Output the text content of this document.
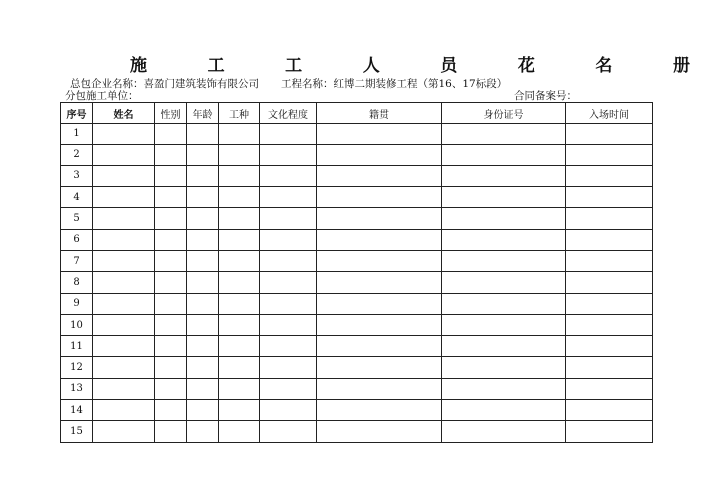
施	工	工	人	员	花	名	册
总包企业名称：喜盈门建筑装饰有限公司 工程名称：红博二期装修工程（第16、17标段）
分包施工单位：	合同备案号：
序号	姓名	性别	年龄	工种	文化程度	籍贯	身份证号	入场时间
1								
2								
3								
4								
5								
6								
7								
8								
9								
10								
11								
12								
13								
14								
15								
